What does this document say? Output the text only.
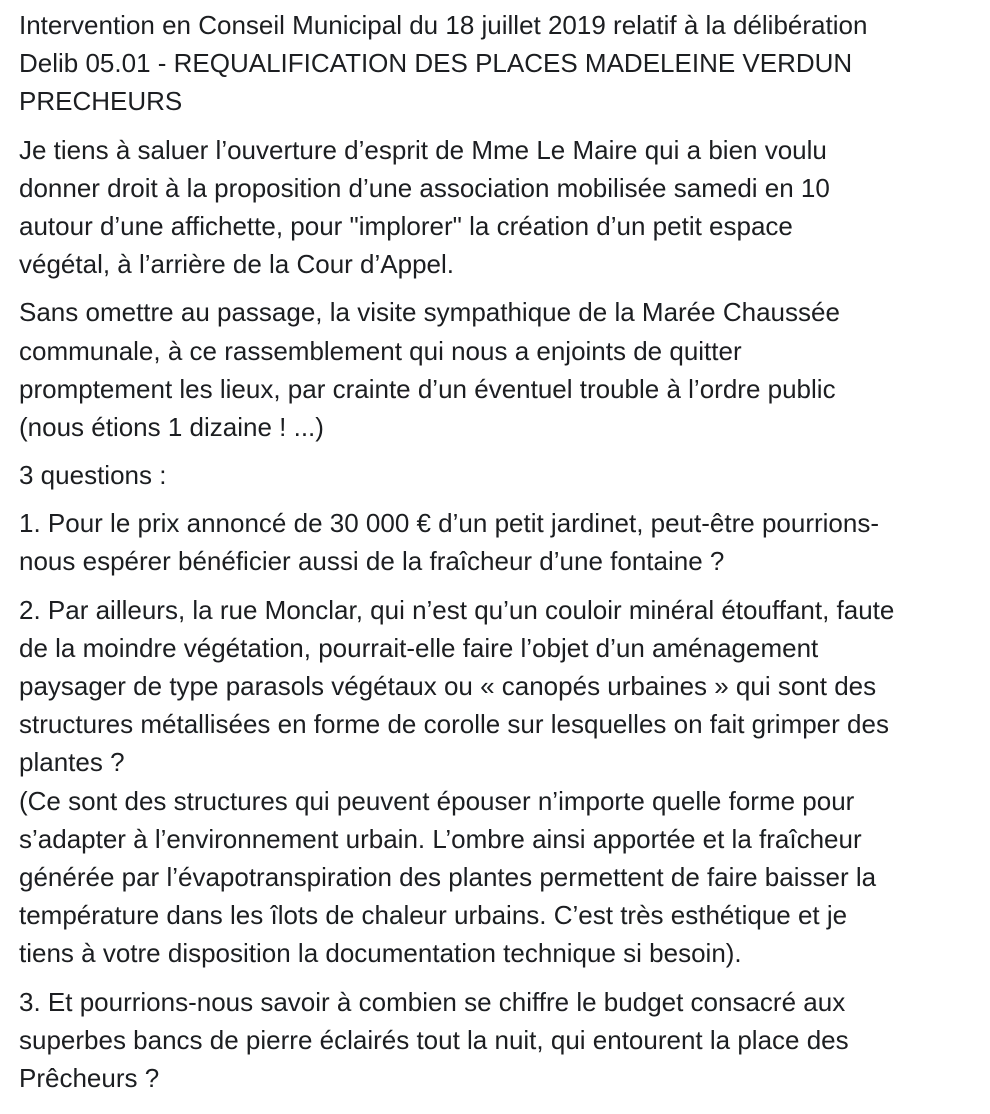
Intervention en Conseil Municipal du 18 juillet 2019 relatif à la délibération
Delib 05.01 - REQUALIFICATION DES PLACES MADELEINE VERDUN
PRECHEURS
Je tiens à saluer l’ouverture d’esprit de Mme Le Maire qui a bien voulu
donner droit à la proposition d’une association mobilisée samedi en 10
autour d’une affichette, pour "implorer" la création d’un petit espace
végétal, à l’arrière de la Cour d’Appel.
Sans omettre au passage, la visite sympathique de la Marée Chaussée
communale, à ce rassemblement qui nous a enjoints de quitter
promptement les lieux, par crainte d’un éventuel trouble à l’ordre public
(nous étions 1 dizaine ! ...)
3 questions :
1. Pour le prix annoncé de 30 000 € d’un petit jardinet, peut-être pourrions-
nous espérer bénéficier aussi de la fraîcheur d’une fontaine ?
2. Par ailleurs, la rue Monclar, qui n’est qu’un couloir minéral étouffant, faute
de la moindre végétation, pourrait-elle faire l’objet d’un aménagement
paysager de type parasols végétaux ou « canopés urbaines » qui sont des
structures métallisées en forme de corolle sur lesquelles on fait grimper des
plantes ?
(Ce sont des structures qui peuvent épouser n’importe quelle forme pour
s’adapter à l’environnement urbain. L’ombre ainsi apportée et la fraîcheur
générée par l’évapotranspiration des plantes permettent de faire baisser la
température dans les îlots de chaleur urbains. C’est très esthétique et je
tiens à votre disposition la documentation technique si besoin).
3. Et pourrions-nous savoir à combien se chiffre le budget consacré aux
superbes bancs de pierre éclairés tout la nuit, qui entourent la place des
Prêcheurs ?
